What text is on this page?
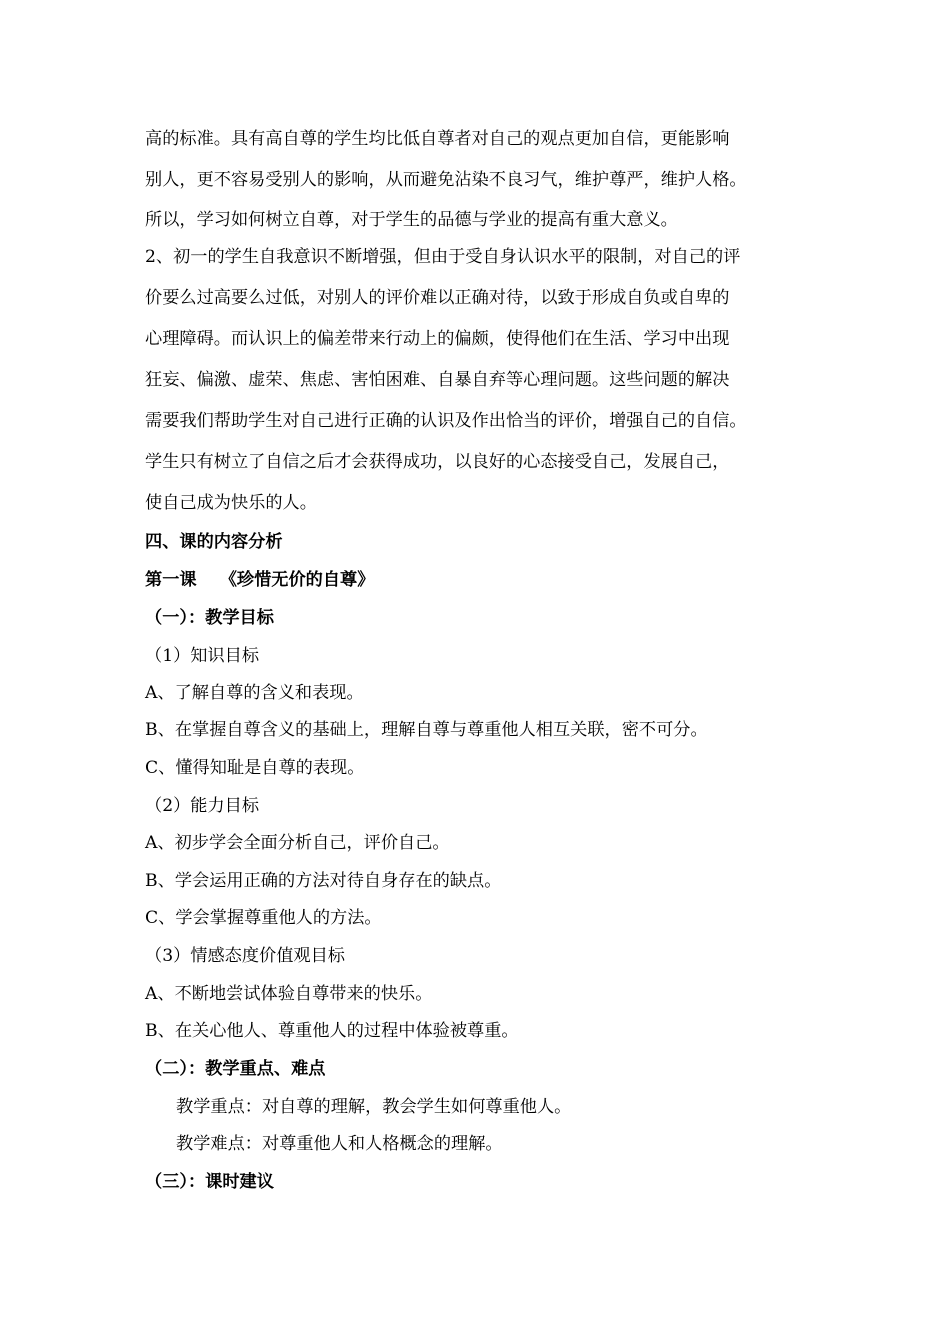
高的标准。具有高自尊的学生均比低自尊者对自己的观点更加自信，更能影响
别人，更不容易受别人的影响，从而避免沾染不良习气，维护尊严，维护人格。
所以，学习如何树立自尊，对于学生的品德与学业的提高有重大意义。
2、初一的学生自我意识不断增强，但由于受自身认识水平的限制，对自己的评
价要么过高要么过低，对别人的评价难以正确对待，以致于形成自负或自卑的
心理障碍。而认识上的偏差带来行动上的偏颇，使得他们在生活、学习中出现
狂妄、偏激、虚荣、焦虑、害怕困难、自暴自弃等心理问题。这些问题的解决
需要我们帮助学生对自己进行正确的认识及作出恰当的评价，增强自己的自信。
学生只有树立了自信之后才会获得成功，以良好的心态接受自己，发展自己，
使自己成为快乐的人。
四、课的内容分析
第一课　 《珍惜无价的自尊》
（一）：教学目标
（1）知识目标
A、了解自尊的含义和表现。
B、在掌握自尊含义的基础上，理解自尊与尊重他人相互关联，密不可分。
C、懂得知耻是自尊的表现。
（2）能力目标
A、初步学会全面分析自己，评价自己。
B、学会运用正确的方法对待自身存在的缺点。
C、学会掌握尊重他人的方法。
（3）情感态度价值观目标
A、不断地尝试体验自尊带来的快乐。
B、在关心他人、尊重他人的过程中体验被尊重。
（二）：教学重点、难点
教学重点：对自尊的理解，教会学生如何尊重他人。
教学难点：对尊重他人和人格概念的理解。
（三）：课时建议
